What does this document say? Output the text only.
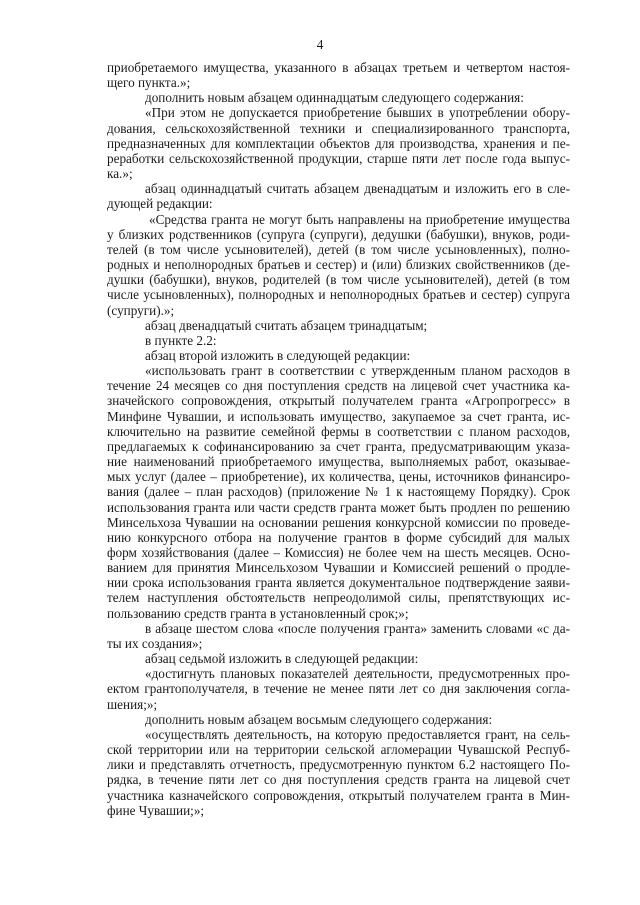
4
приобретаемого имущества, указанного в абзацах третьем и четвертом настоя-
щего пункта.»;
дополнить новым абзацем одиннадцатым следующего содержания:
«При этом не допускается приобретение бывших в употреблении обору-
дования, сельскохозяйственной техники и специализированного транспорта,
предназначенных для комплектации объектов для производства, хранения и пе-
реработки сельскохозяйственной продукции, старше пяти лет после года выпус-
ка.»;
абзац одиннадцатый считать абзацем двенадцатым и изложить его в сле-
дующей редакции:
«Средства гранта не могут быть направлены на приобретение имущества
у близких родственников (супруга (супруги), дедушки (бабушки), внуков, роди-
телей (в том числе усыновителей), детей (в том числе усыновленных), полно-
родных и неполнородных братьев и сестер) и (или) близких свойственников (де-
душки (бабушки), внуков, родителей (в том числе усыновителей), детей (в том
числе усыновленных), полнородных и неполнородных братьев и сестер) супруга
(супруги).»;
абзац двенадцатый считать абзацем тринадцатым;
в пункте 2.2:
абзац второй изложить в следующей редакции:
«использовать грант в соответствии с утвержденным планом расходов в
течение 24 месяцев со дня поступления средств на лицевой счет участника ка-
значейского сопровождения, открытый получателем гранта «Агропрогресс» в
Минфине Чувашии, и использовать имущество, закупаемое за счет гранта, ис-
ключительно на развитие семейной фермы в соответствии с планом расходов,
предлагаемых к софинансированию за счет гранта, предусматривающим указа-
ние наименований приобретаемого имущества, выполняемых работ, оказывае-
мых услуг (далее – приобретение), их количества, цены, источников финансиро-
вания (далее – план расходов) (приложение № 1 к настоящему Порядку). Срок
использования гранта или части средств гранта может быть продлен по решению
Минсельхоза Чувашии на основании решения конкурсной комиссии по проведе-
нию конкурсного отбора на получение грантов в форме субсидий для малых
форм хозяйствования (далее – Комиссия) не более чем на шесть месяцев. Осно-
ванием для принятия Минсельхозом Чувашии и Комиссией решений о продле-
нии срока использования гранта является документальное подтверждение заяви-
телем наступления обстоятельств непреодолимой силы, препятствующих ис-
пользованию средств гранта в установленный срок;»;
в абзаце шестом слова «после получения гранта» заменить словами «с да-
ты их создания»;
абзац седьмой изложить в следующей редакции:
«достигнуть плановых показателей деятельности, предусмотренных про-
ектом грантополучателя, в течение не менее пяти лет со дня заключения согла-
шения;»;
дополнить новым абзацем восьмым следующего содержания:
«осуществлять деятельность, на которую предоставляется грант, на сель-
ской территории или на территории сельской агломерации Чувашской Респуб-
лики и представлять отчетность, предусмотренную пунктом 6.2 настоящего По-
рядка, в течение пяти лет со дня поступления средств гранта на лицевой счет
участника казначейского сопровождения, открытый получателем гранта в Мин-
фине Чувашии;»;
